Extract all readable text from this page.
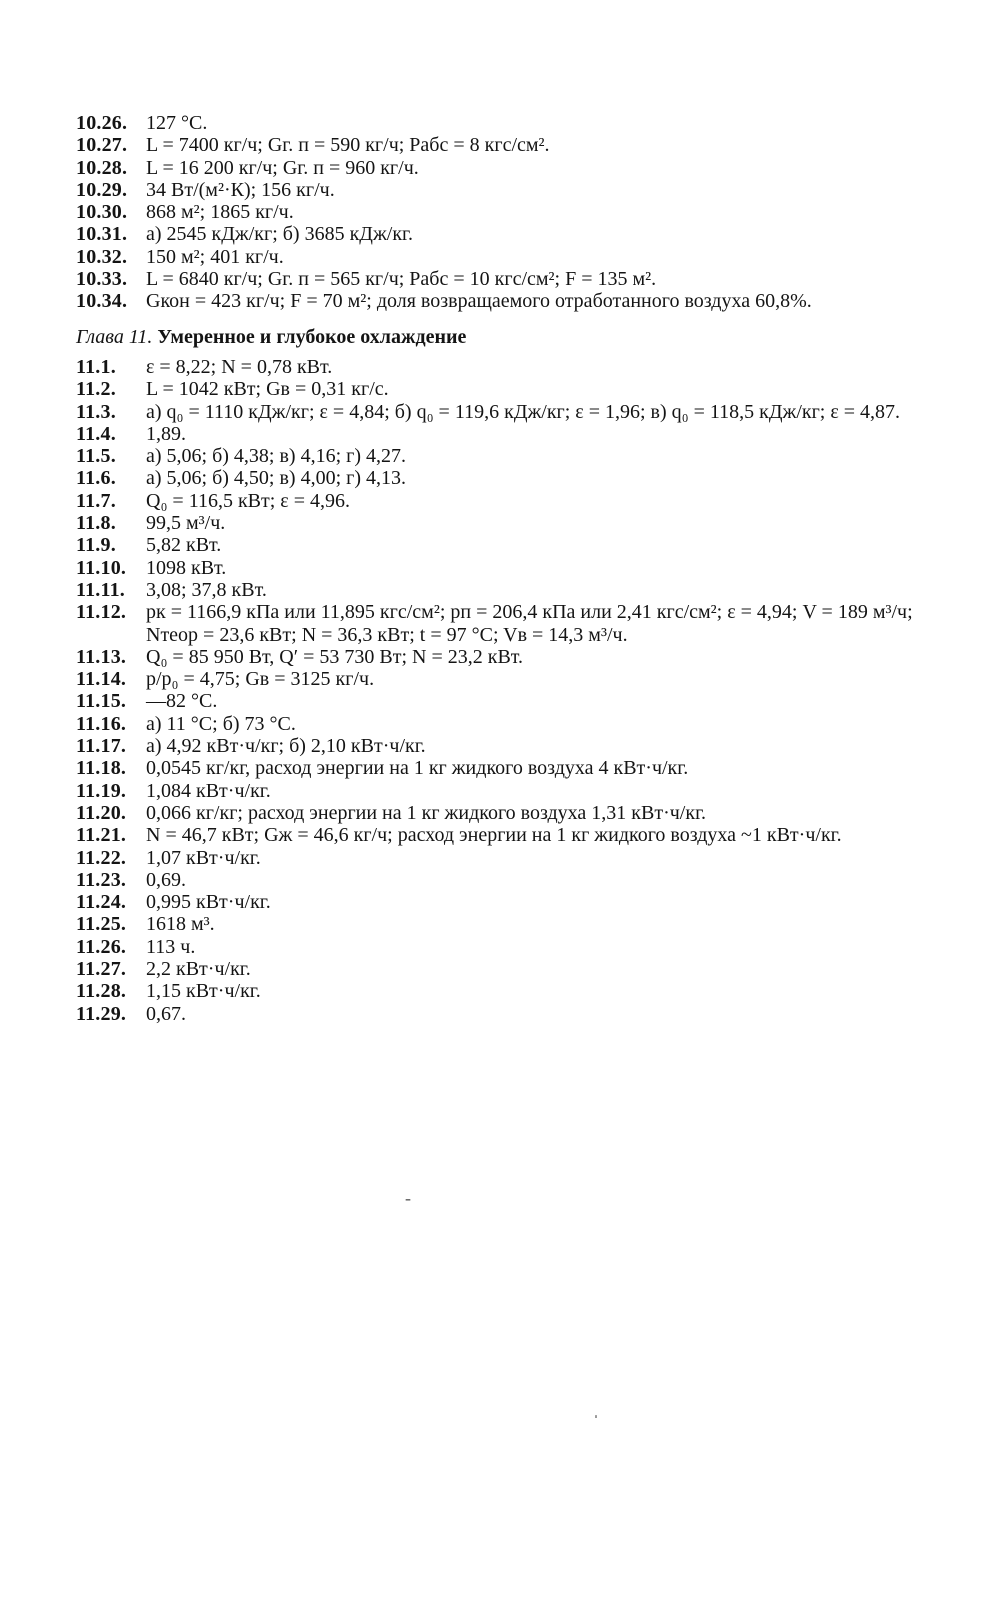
10.26. 127 °C.
10.27. L = 7400 кг/ч; Gг. п = 590 кг/ч; Pабс = 8 кгс/см².
10.28. L = 16 200 кг/ч; Gг. п = 960 кг/ч.
10.29. 34 Вт/(м²·К); 156 кг/ч.
10.30. 868 м²; 1865 кг/ч.
10.31. а) 2545 кДж/кг; б) 3685 кДж/кг.
10.32. 150 м²; 401 кг/ч.
10.33. L = 6840 кг/ч; Gг. п = 565 кг/ч; Pабс = 10 кгс/см²; F = 135 м².
10.34. Gкон = 423 кг/ч; F = 70 м²; доля возвращаемого отработанного воздуха 60,8%.
Глава 11. Умеренное и глубокое охлаждение
11.1.	ε = 8,22; N = 0,78 кВт.
11.2.	L = 1042 кВт; Gв = 0,31 кг/с.
11.3.	а) q₀ = 1110 кДж/кг; ε = 4,84; б) q₀ = 119,6 кДж/кг; ε = 1,96; в) q₀ = 118,5 кДж/кг; ε = 4,87.
11.4.	1,89.
11.5.	а) 5,06; б) 4,38; в) 4,16; г) 4,27.
11.6.	а) 5,06; б) 4,50; в) 4,00; г) 4,13.
11.7.	Q₀ = 116,5 кВт; ε = 4,96.
11.8.	99,5 м³/ч.
11.9.	5,82 кВт.
11.10. 1098 кВт.
11.11.	3,08; 37,8 кВт.
11.12. pк = 1166,9 кПа или 11,895 кгс/см²; pп = 206,4 кПа или 2,41 кгс/см²; ε = 4,94; V = 189 м³/ч; Nтеор = 23,6 кВт; N = 36,3 кВт; t = 97 °C; Vв = 14,3 м³/ч.
11.13. Q₀ = 85 950 Вт, Q′ = 53 730 Вт; N = 23,2 кВт.
11.14. p/p₀ = 4,75; Gв = 3125 кг/ч.
11.15. —82 °C.
11.16. а) 11 °C; б) 73 °C.
11.17. а) 4,92 кВт·ч/кг; б) 2,10 кВт·ч/кг.
11.18. 0,0545 кг/кг, расход энергии на 1 кг жидкого воздуха 4 кВт·ч/кг.
11.19. 1,084 кВт·ч/кг.
11.20. 0,066 кг/кг; расход энергии на 1 кг жидкого воздуха 1,31 кВт·ч/кг.
11.21. N = 46,7 кВт; Gж = 46,6 кг/ч; расход энергии на 1 кг жидкого воздуха ~1 кВт·ч/кг.
11.22. 1,07 кВт·ч/кг.
11.23. 0,69.
11.24. 0,995 кВт·ч/кг.
11.25. 1618 м³.
11.26. 113 ч.
11.27. 2,2 кВт·ч/кг.
11.28. 1,15 кВт·ч/кг.
11.29. 0,67.
-
ˌ
